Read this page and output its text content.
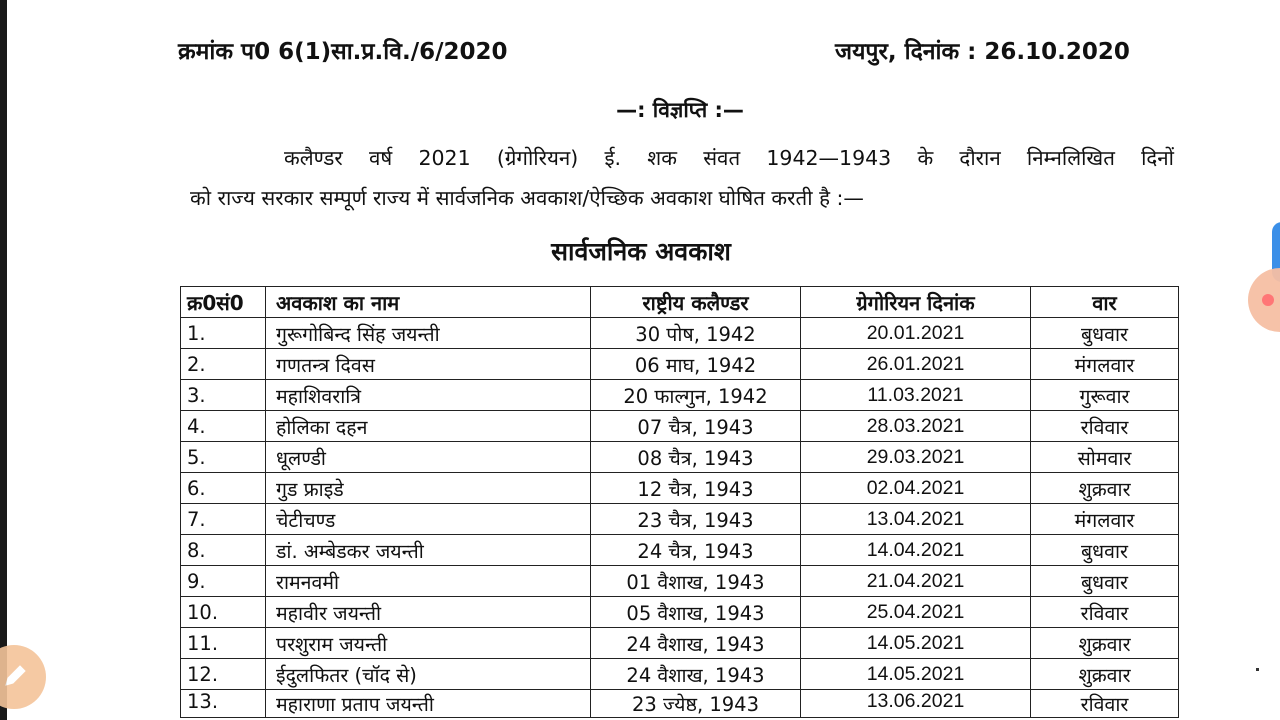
क्रमांक प0 6(1)सा.प्र.वि./6/2020	जयपुर, दिनांक : 26.10.2020
—: विज्ञप्ति :—
कलैण्डर वर्ष 2021 (ग्रेगोरियन) ई. शक संवत 1942—1943 के दौरान निम्नलिखित दिनों
को राज्य सरकार सम्पूर्ण राज्य में सार्वजनिक अवकाश/ऐच्छिक अवकाश घोषित करती है :—
सार्वजनिक अवकाश
क्र0सं0	अवकाश का नाम	राष्ट्रीय कलैण्डर	ग्रेगोरियन दिनांक	वार
1.	गुरूगोबिन्द सिंह जयन्ती	30 पोष, 1942	20.01.2021	बुधवार
2.	गणतन्त्र दिवस	06 माघ, 1942	26.01.2021	मंगलवार
3.	महाशिवरात्रि	20 फाल्गुन, 1942	11.03.2021	गुरूवार
4.	होलिका दहन	07 चैत्र, 1943	28.03.2021	रविवार
5.	धूलण्डी	08 चैत्र, 1943	29.03.2021	सोमवार
6.	गुड फ्राइडे	12 चैत्र, 1943	02.04.2021	शुक्रवार
7.	चेटीचण्ड	23 चैत्र, 1943	13.04.2021	मंगलवार
8.	डां. अम्बेडकर जयन्ती	24 चैत्र, 1943	14.04.2021	बुधवार
9.	रामनवमी	01 वैशाख, 1943	21.04.2021	बुधवार
10.	महावीर जयन्ती	05 वैशाख, 1943	25.04.2021	रविवार
11.	परशुराम जयन्ती	24 वैशाख, 1943	14.05.2021	शुक्रवार
12.	ईदुलफितर (चॉद से)	24 वैशाख, 1943	14.05.2021	शुक्रवार
13.	महाराणा प्रताप जयन्ती	23 ज्येष्ठ, 1943	13.06.2021	रविवार
